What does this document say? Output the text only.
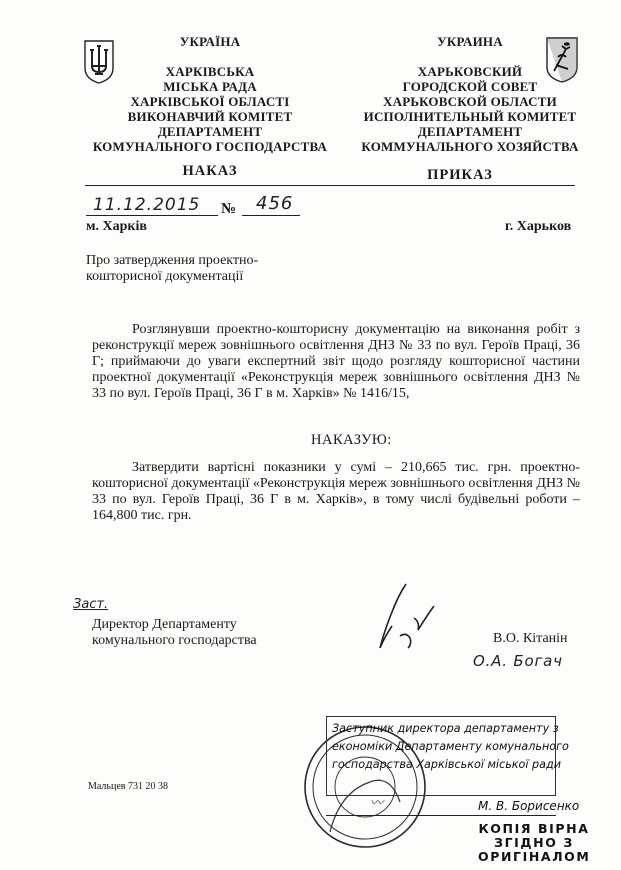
УКРАЇНА
ХАРКІВСЬКА
МІСЬКА РАДА
ХАРКІВСЬКОЇ ОБЛАСТІ
ВИКОНАВЧИЙ КОМІТЕТ
ДЕПАРТАМЕНТ
КОМУНАЛЬНОГО ГОСПОДАРСТВА
УКРАИНА
ХАРЬКОВСКИЙ
ГОРОДСКОЙ СОВЕТ
ХАРЬКОВСКОЙ ОБЛАСТИ
ИСПОЛНИТЕЛЬНЫЙ КОМИТЕТ
ДЕПАРТАМЕНТ
КОММУНАЛЬНОГО ХОЗЯЙСТВА
НАКАЗ	ПРИКАЗ
11.12.2015 № 456
м. Харків	г. Харьков
Про затвердження проектно-
кошторисної документації
Розглянувши проектно-кошторисну документацію на виконання робіт з реконструкції мереж зовнішнього освітлення ДНЗ № 33 по вул. Героїв Праці, 36 Г; приймаючи до уваги експертний звіт щодо розгляду кошторисної частини проектної документації «Реконструкція мереж зовнішнього освітлення ДНЗ № 33 по вул. Героїв Праці, 36 Г в м. Харків» № 1416/15,
НАКАЗУЮ:
Затвердити вартісні показники у сумі – 210,665 тис. грн. проектно-кошторисної документації «Реконструкція мереж зовнішнього освітлення ДНЗ № 33 по вул. Героїв Праці, 36 Г в м. Харків», в тому числі будівельні роботи – 164,800 тис. грн.
Заст.
Директор Департаменту
комунального господарства	В.О. Кітанін
О.А. Богач
Мальцев 731 20 38
Заступник директора департаменту з
економіки Департаменту комунального
господарства Харківської міської ради
〰	М. В. Борисенко
КОПІЯ ВІРНА
ЗГІДНО З
ОРИГІНАЛОМ
